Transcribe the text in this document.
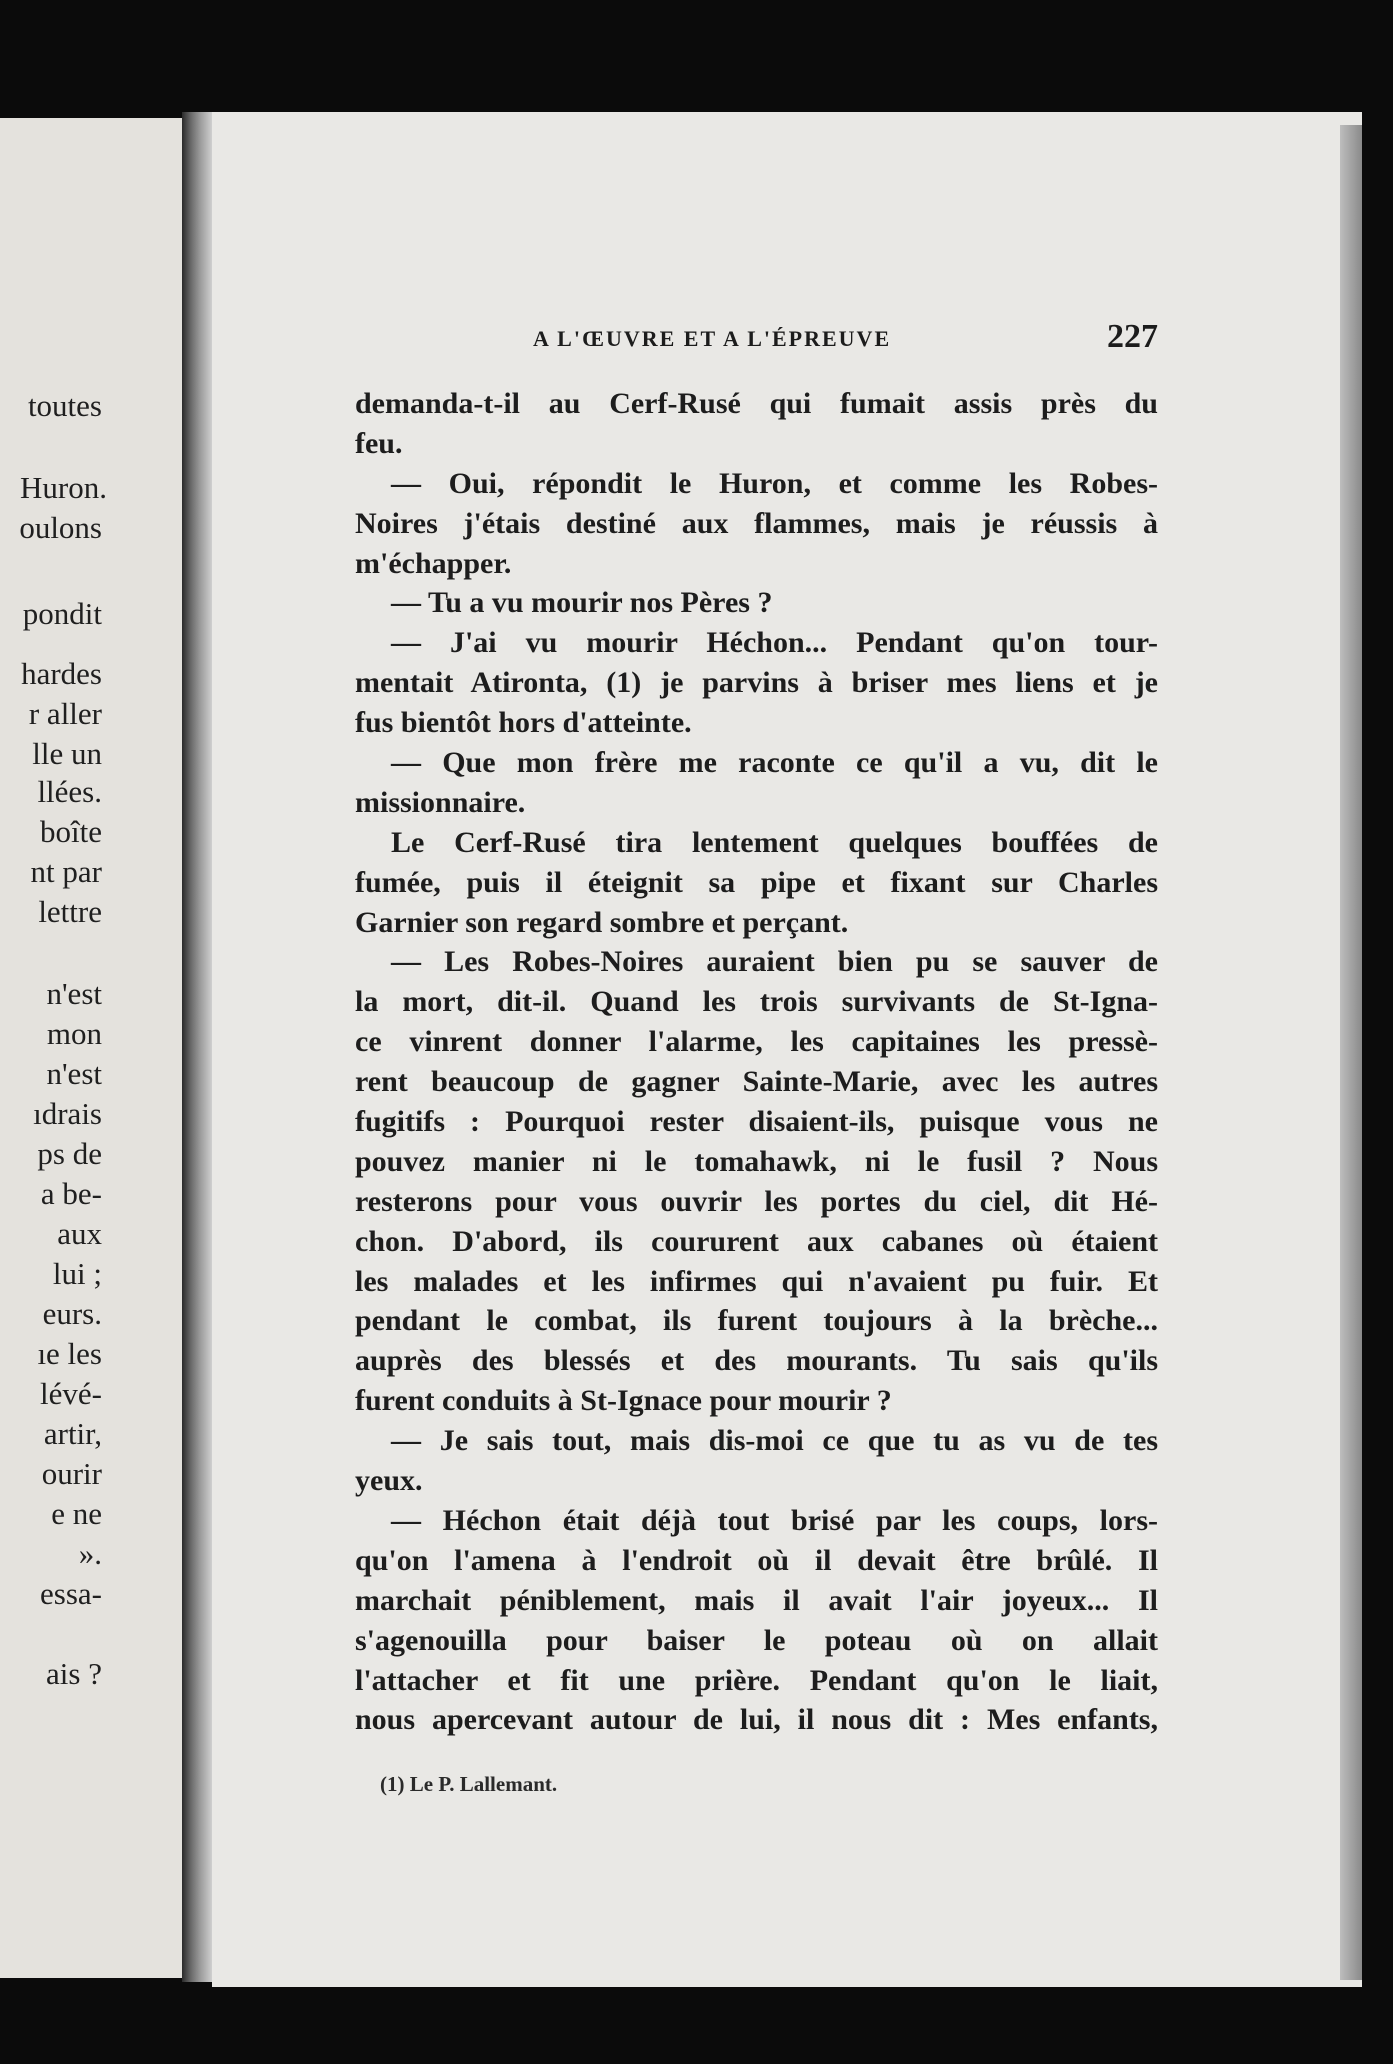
toutes
Huron.
oulons
pondit
hardes
r aller
lle un
llées.
boîte
nt par
lettre
n'est
mon
n'est
ıdrais
ps de
a be-
aux
lui ;
eurs.
ıe les
lévé-
artir,
ourir
e ne
».
essa-
ais ?
A L'ŒUVRE ET A L'ÉPREUVE	227
demanda-t-il au Cerf-Rusé qui fumait assis près du
feu.
— Oui, répondit le Huron, et comme les Robes-
Noires j'étais destiné aux flammes, mais je réussis à
m'échapper.
— Tu a vu mourir nos Pères ?
— J'ai vu mourir Héchon... Pendant qu'on tour-
mentait Atironta, (1) je parvins à briser mes liens et je
fus bientôt hors d'atteinte.
— Que mon frère me raconte ce qu'il a vu, dit le
missionnaire.
Le Cerf-Rusé tira lentement quelques bouffées de
fumée, puis il éteignit sa pipe et fixant sur Charles
Garnier son regard sombre et perçant.
— Les Robes-Noires auraient bien pu se sauver de
la mort, dit-il. Quand les trois survivants de St-Igna-
ce vinrent donner l'alarme, les capitaines les pressè-
rent beaucoup de gagner Sainte-Marie, avec les autres
fugitifs : Pourquoi rester disaient-ils, puisque vous ne
pouvez manier ni le tomahawk, ni le fusil ? Nous
resterons pour vous ouvrir les portes du ciel, dit Hé-
chon. D'abord, ils coururent aux cabanes où étaient
les malades et les infirmes qui n'avaient pu fuir. Et
pendant le combat, ils furent toujours à la brèche...
auprès des blessés et des mourants. Tu sais qu'ils
furent conduits à St-Ignace pour mourir ?
— Je sais tout, mais dis-moi ce que tu as vu de tes
yeux.
— Héchon était déjà tout brisé par les coups, lors-
qu'on l'amena à l'endroit où il devait être brûlé. Il
marchait péniblement, mais il avait l'air joyeux... Il
s'agenouilla pour baiser le poteau où on allait
l'attacher et fit une prière. Pendant qu'on le liait,
nous apercevant autour de lui, il nous dit : Mes enfants,
(1) Le P. Lallemant.
